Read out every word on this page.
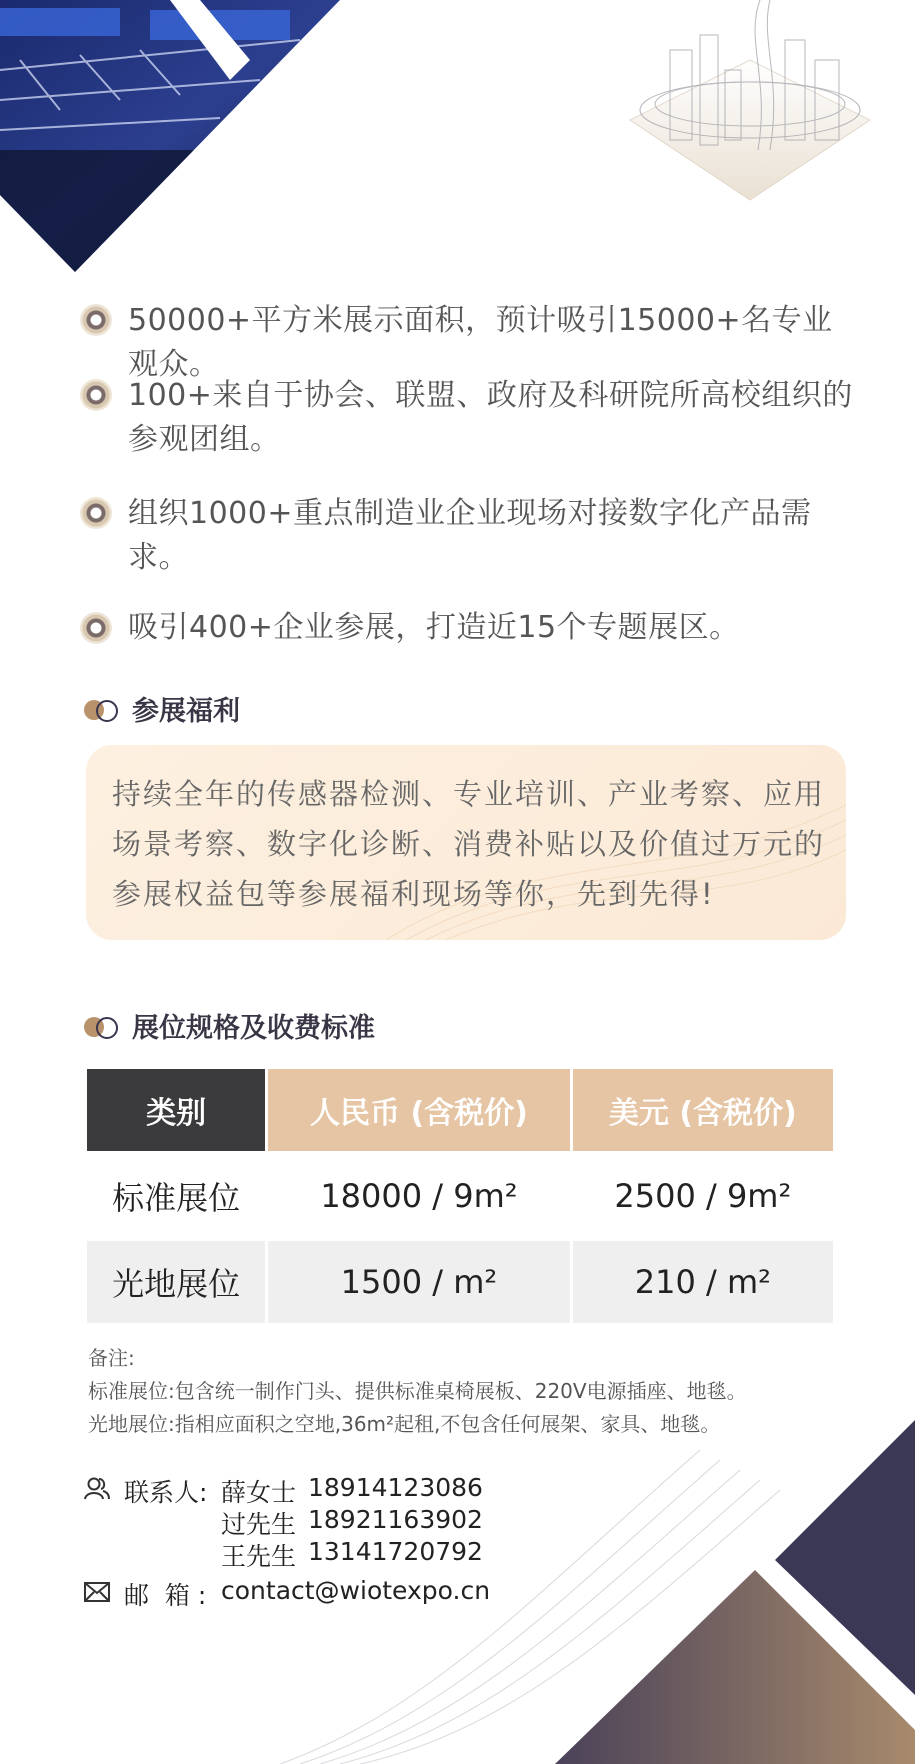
50000+平方米展示面积，预计吸引15000+名专业观众。
100+来自于协会、联盟、政府及科研院所高校组织的参观团组。
组织1000+重点制造业企业现场对接数字化产品需求。
吸引400+企业参展，打造近15个专题展区。
参展福利
持续全年的传感器检测、专业培训、产业考察、应用场景考察、数字化诊断、消费补贴以及价值过万元的参展权益包等参展福利现场等你，先到先得!
展位规格及收费标准
类别	人民币 (含税价)	美元 (含税价)
标准展位	18000 / 9m²	2500 / 9m²
光地展位	1500 / m²	210 / m²
备注:
标准展位:包含统一制作门头、提供标准桌椅展板、220V电源插座、地毯。
光地展位:指相应面积之空地,36m²起租,不包含任何展架、家具、地毯。
联系人: 薛女士 18914123086
过先生 18921163902
王先生 13141720792
邮  箱 : contact@wiotexpo.cn
